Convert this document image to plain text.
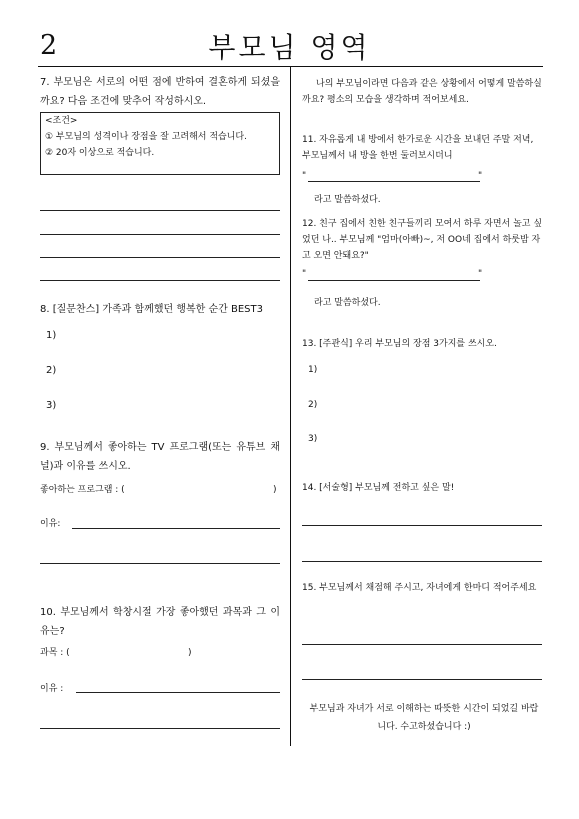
2	부모님 영역
7. 부모님은 서로의 어떤 점에 반하여 결혼하게 되셨을까요? 다음 조건에 맞추어 작성하시오.
<조건>
① 부모님의 성격이나 장점을 잘 고려해서 적습니다.
② 20자 이상으로 적습니다.
8. [질문찬스] 가족과 함께했던 행복한 순간 BEST3
1)
2)
3)
9. 부모님께서 좋아하는 TV 프로그램(또는 유튜브 채널)과 이유를 쓰시오.
좋아하는 프로그램 : (	)
이유:
10. 부모님께서 학창시절 가장 좋아했던 과목과 그 이유는?
과목 : (	)
이유 :
나의 부모님이라면 다음과 같은 상황에서 어떻게 말씀하실까요? 평소의 모습을 생각하며 적어보세요.
11. 자유롭게 내 방에서 한가로운 시간을 보내던 주말 저녁, 부모님께서 내 방을 한번 둘러보시더니
"	"
라고 말씀하셨다.
12. 친구 집에서 친한 친구들끼리 모여서 하루 자면서 놀고 싶었던 나.. 부모님께 "엄마(아빠)~, 저 OO네 집에서 하룻밤 자고 오면 안돼요?"
"	"
라고 말씀하셨다.
13. [주관식] 우리 부모님의 장점 3가지를 쓰시오.
1)
2)
3)
14. [서술형] 부모님께 전하고 싶은 말!
15. 부모님께서 채점해 주시고, 자녀에게 한마디 적어주세요
부모님과 자녀가 서로 이해하는 따뜻한 시간이 되었길 바랍니다. 수고하셨습니다 :)
